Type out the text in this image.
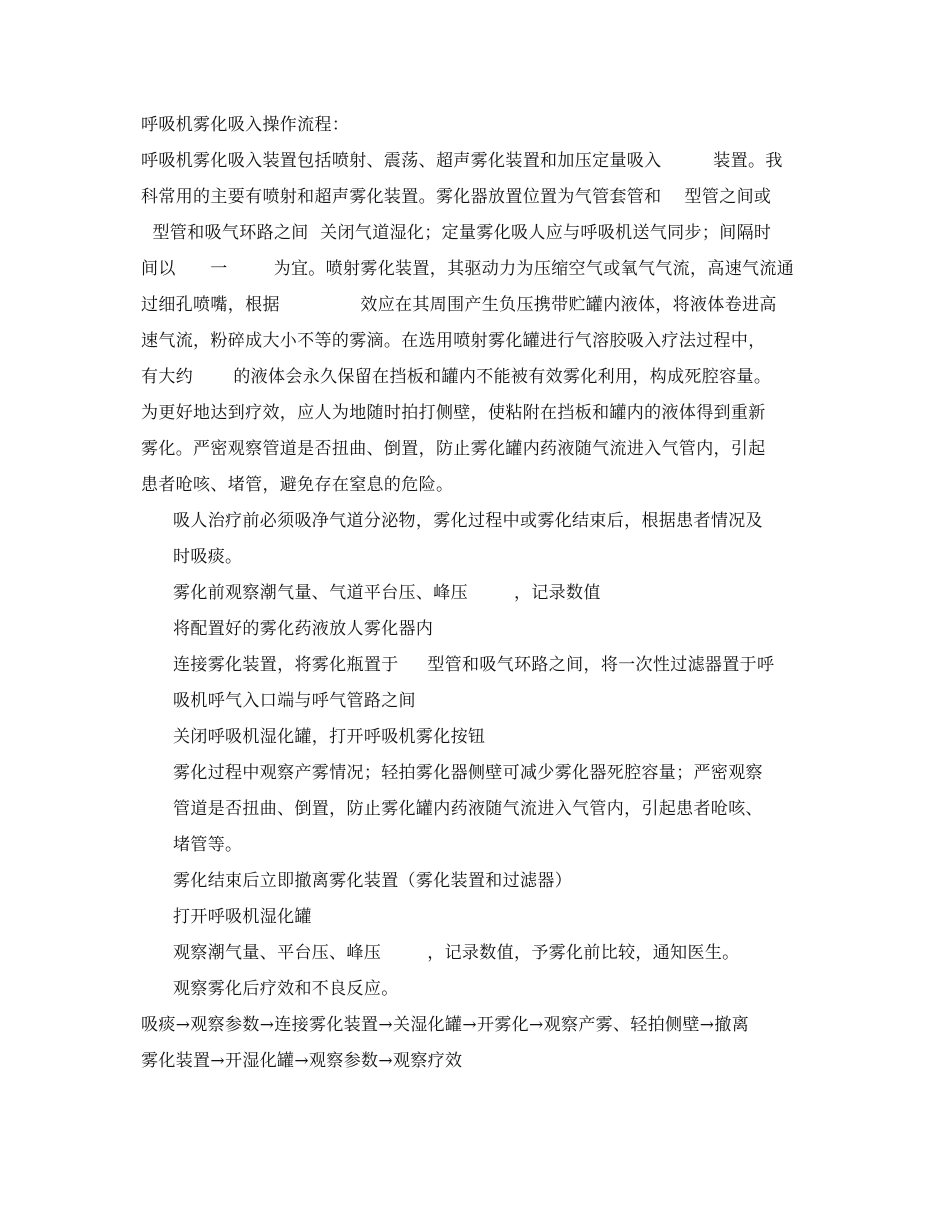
呼吸机雾化吸入操作流程：
呼吸机雾化吸入装置包括喷射、震荡、超声雾化装置和加压定量吸入         装置。我
科常用的主要有喷射和超声雾化装置。雾化器放置位置为气管套管和    型管之间或
型管和吸气环路之间  关闭气道湿化；定量雾化吸人应与呼吸机送气同步；间隔时
间以      一        为宜。喷射雾化装置，其驱动力为压缩空气或氧气气流，高速气流通
过细孔喷嘴，根据              效应在其周围产生负压携带贮罐内液体，将液体卷进高
速气流，粉碎成大小不等的雾滴。在选用喷射雾化罐进行气溶胶吸入疗法过程中，
有大约       的液体会永久保留在挡板和罐内不能被有效雾化利用，构成死腔容量。
为更好地达到疗效，应人为地随时拍打侧壁，使粘附在挡板和罐内的液体得到重新
雾化。严密观察管道是否扭曲、倒置，防止雾化罐内药液随气流进入气管内，引起
患者呛咳、堵管，避免存在窒息的危险。
吸人治疗前必须吸净气道分泌物，雾化过程中或雾化结束后，根据患者情况及
时吸痰。
雾化前观察潮气量、气道平台压、峰压        ，记录数值
将配置好的雾化药液放人雾化器内
连接雾化装置，将雾化瓶置于     型管和吸气环路之间，将一次性过滤器置于呼
吸机呼气入口端与呼气管路之间
关闭呼吸机湿化罐，打开呼吸机雾化按钮
雾化过程中观察产雾情况；轻拍雾化器侧壁可减少雾化器死腔容量；严密观察
管道是否扭曲、倒置，防止雾化罐内药液随气流进入气管内，引起患者呛咳、
堵管等。
雾化结束后立即撤离雾化装置（雾化装置和过滤器）
打开呼吸机湿化罐
观察潮气量、平台压、峰压        ，记录数值，予雾化前比较，通知医生。
观察雾化后疗效和不良反应。
吸痰→观察参数→连接雾化装置→关湿化罐→开雾化→观察产雾、轻拍侧壁→撤离
雾化装置→开湿化罐→观察参数→观察疗效
